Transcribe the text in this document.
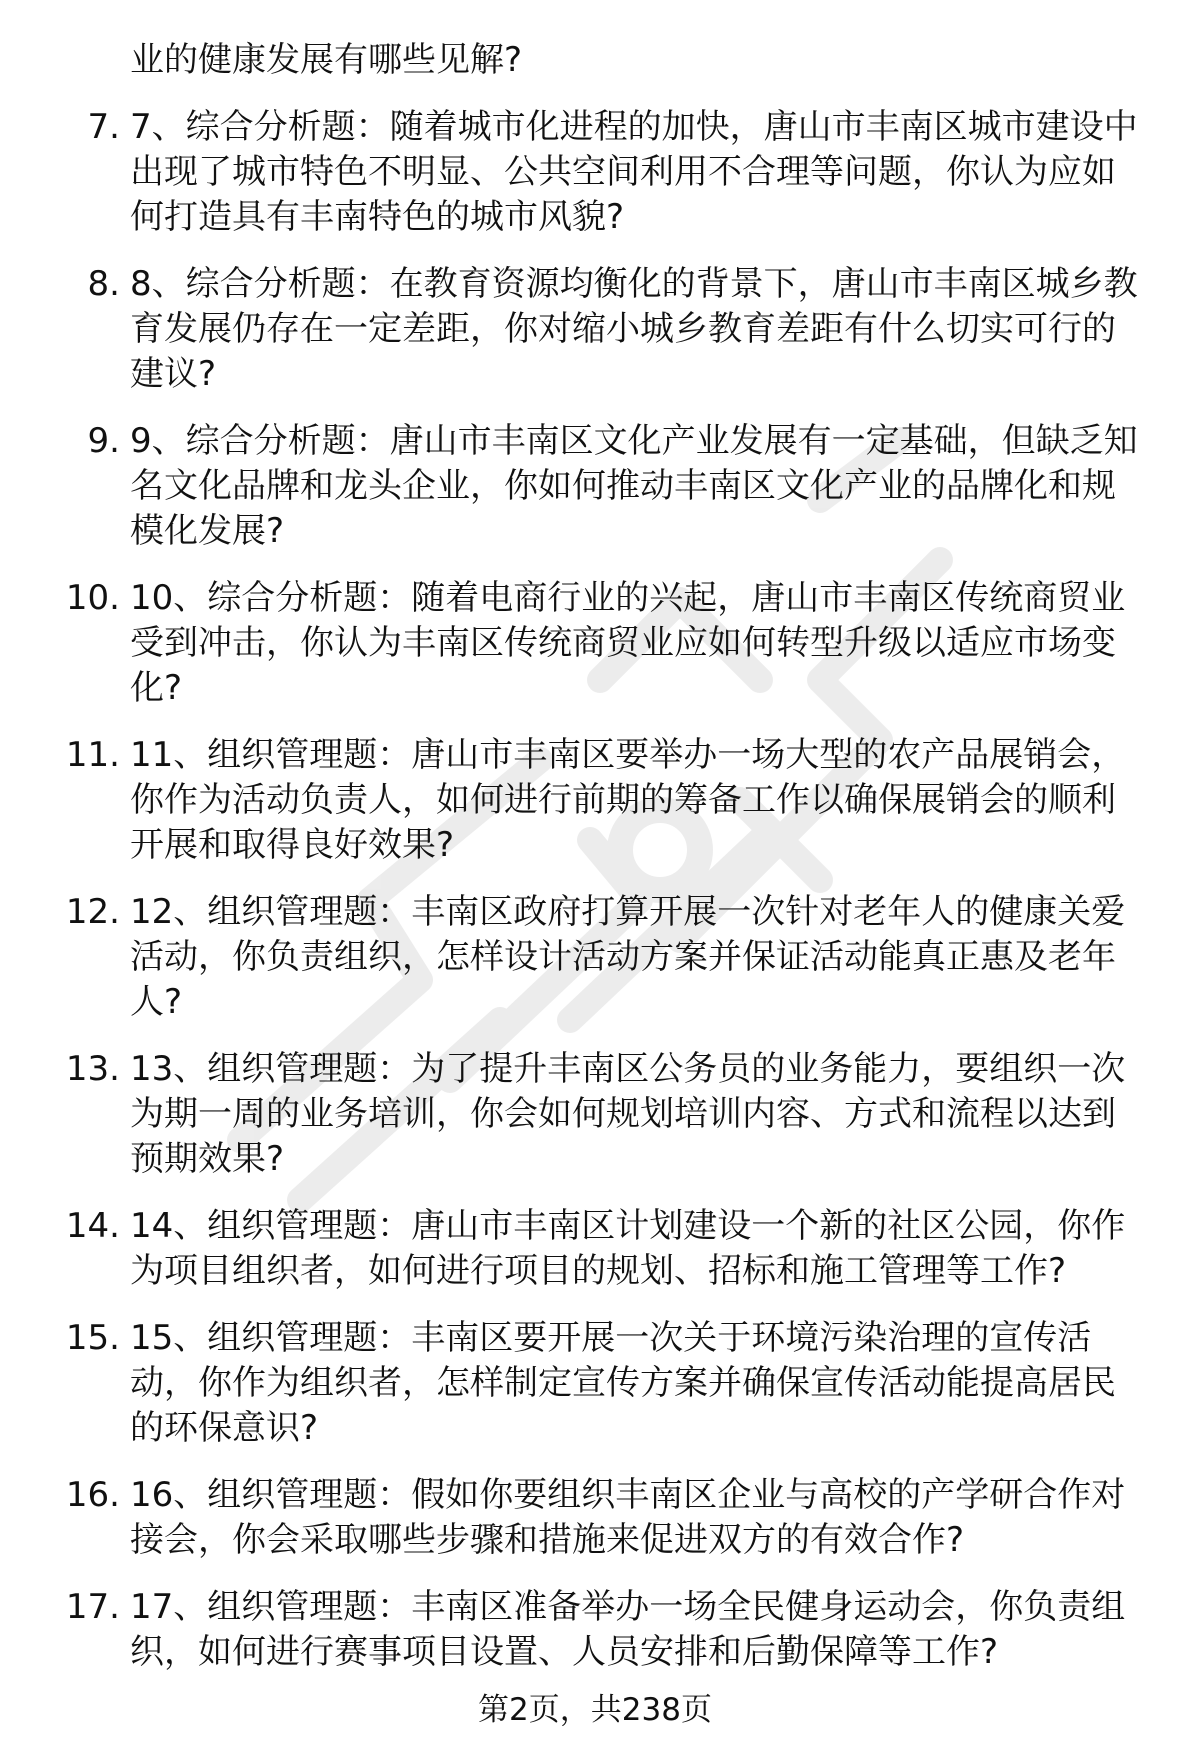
业的健康发展有哪些见解?
7. 7、综合分析题：随着城市化进程的加快，唐山市丰南区城市建设中出现了城市特色不明显、公共空间利用不合理等问题，你认为应如何打造具有丰南特色的城市风貌?
8. 8、综合分析题：在教育资源均衡化的背景下，唐山市丰南区城乡教育发展仍存在一定差距，你对缩小城乡教育差距有什么切实可行的建议?
9. 9、综合分析题：唐山市丰南区文化产业发展有一定基础，但缺乏知名文化品牌和龙头企业，你如何推动丰南区文化产业的品牌化和规模化发展?
10. 10、综合分析题：随着电商行业的兴起，唐山市丰南区传统商贸业受到冲击，你认为丰南区传统商贸业应如何转型升级以适应市场变化?
11. 11、组织管理题：唐山市丰南区要举办一场大型的农产品展销会，你作为活动负责人，如何进行前期的筹备工作以确保展销会的顺利开展和取得良好效果?
12. 12、组织管理题：丰南区政府打算开展一次针对老年人的健康关爱活动，你负责组织，怎样设计活动方案并保证活动能真正惠及老年人?
13. 13、组织管理题：为了提升丰南区公务员的业务能力，要组织一次为期一周的业务培训，你会如何规划培训内容、方式和流程以达到预期效果?
14. 14、组织管理题：唐山市丰南区计划建设一个新的社区公园，你作为项目组织者，如何进行项目的规划、招标和施工管理等工作?
15. 15、组织管理题：丰南区要开展一次关于环境污染治理的宣传活动，你作为组织者，怎样制定宣传方案并确保宣传活动能提高居民的环保意识?
16. 16、组织管理题：假如你要组织丰南区企业与高校的产学研合作对接会，你会采取哪些步骤和措施来促进双方的有效合作?
17. 17、组织管理题：丰南区准备举办一场全民健身运动会，你负责组织，如何进行赛事项目设置、人员安排和后勤保障等工作?
第2页，共238页
